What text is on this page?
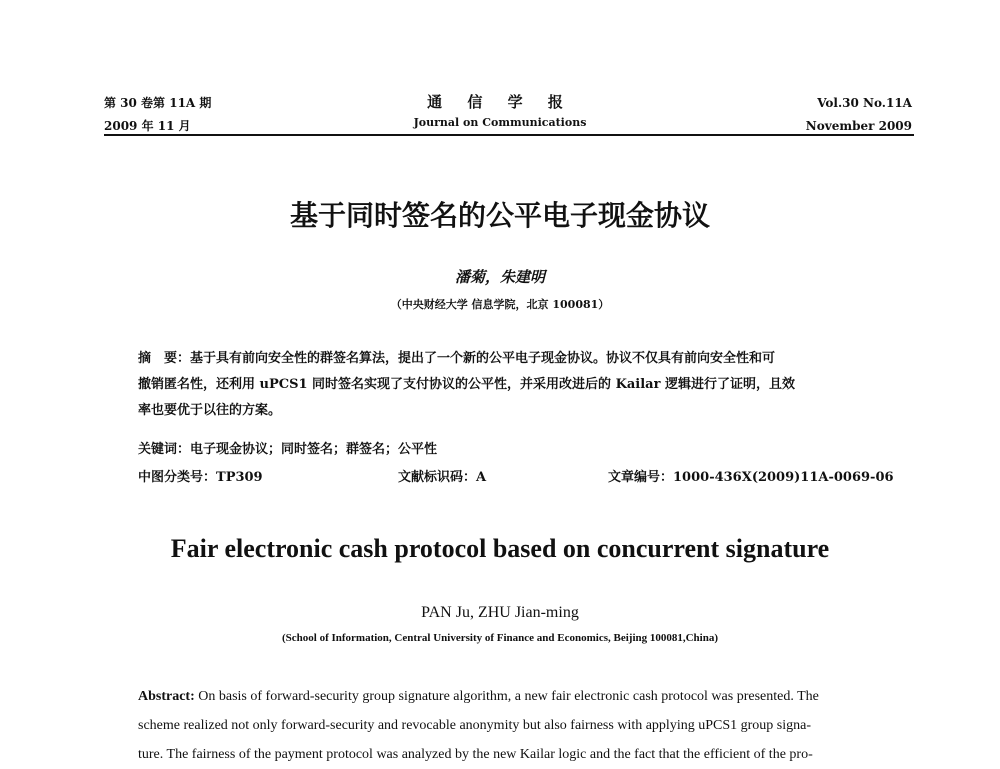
第 30 卷第 11A 期
2009 年 11 月
通 信 学 报
Journal on Communications
Vol.30 No.11A
November 2009
基于同时签名的公平电子现金协议
潘菊，朱建明
（中央财经大学 信息学院，北京 100081）
摘　要：基于具有前向安全性的群签名算法，提出了一个新的公平电子现金协议。协议不仅具有前向安全性和可
撤销匿名性，还利用 uPCS1 同时签名实现了支付协议的公平性，并采用改进后的 Kailar 逻辑进行了证明，且效
率也要优于以往的方案。
关键词：电子现金协议；同时签名；群签名；公平性
中图分类号：TP309	文献标识码：A	文章编号：1000-436X(2009)11A-0069-06
Fair electronic cash protocol based on concurrent signature
PAN Ju, ZHU Jian-ming
(School of Information, Central University of Finance and Economics, Beijing 100081,China)
Abstract: On basis of forward-security group signature algorithm, a new fair electronic cash protocol was presented. The
scheme realized not only forward-security and revocable anonymity but also fairness with applying uPCS1 group signa-
ture. The fairness of the payment protocol was analyzed by the new Kailar logic and the fact that the efficient of the pro-
